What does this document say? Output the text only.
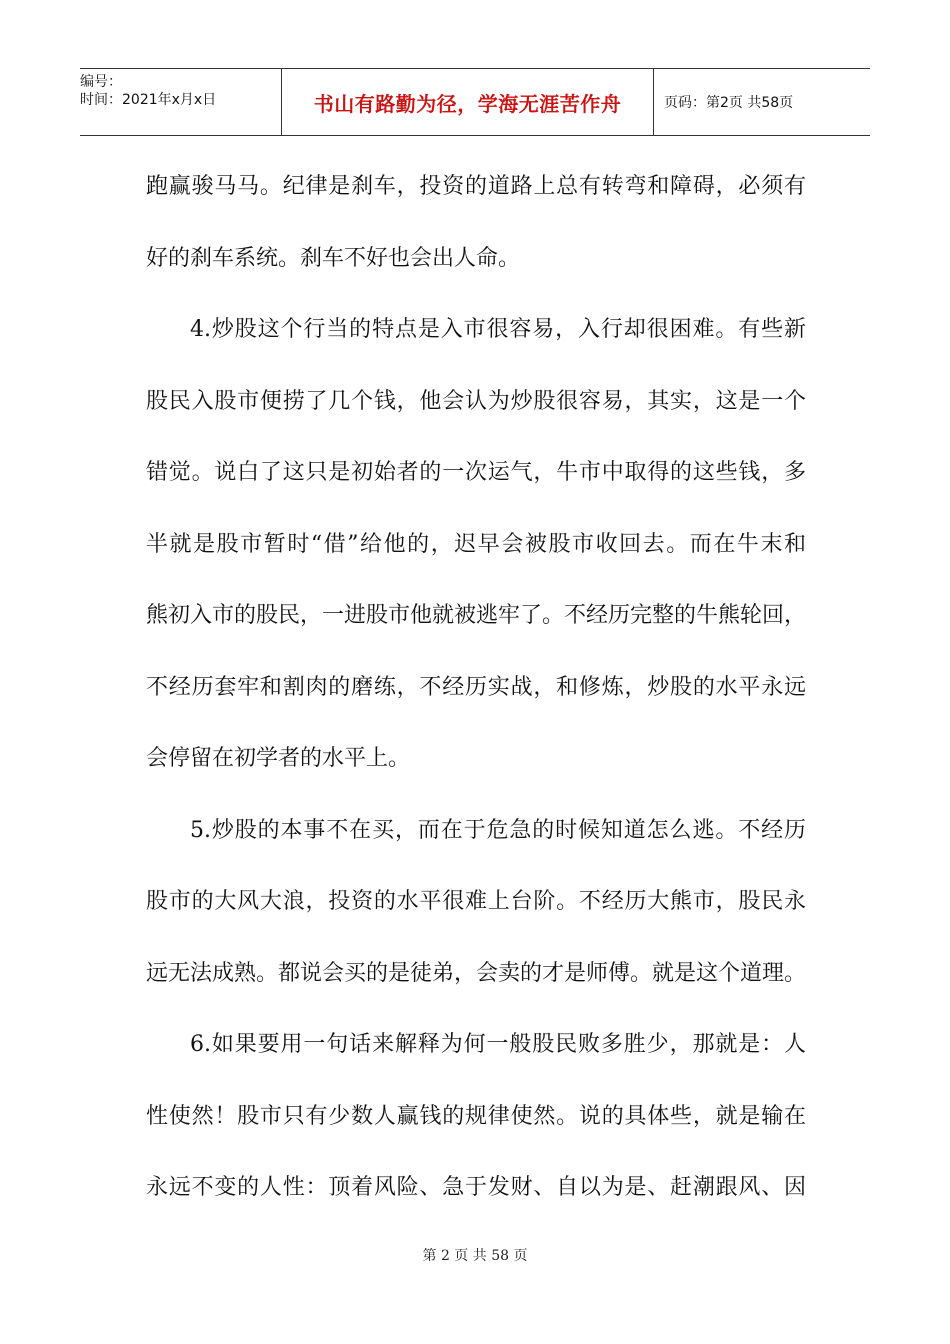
编号：
时间：2021年x月x日	书山有路勤为径，学海无涯苦作舟	页码：第2页 共58页
跑赢骏马马。纪律是刹车，投资的道路上总有转弯和障碍，必须有
好的刹车系统。刹车不好也会出人命。
4.炒股这个行当的特点是入市很容易，入行却很困难。有些新
股民入股市便捞了几个钱，他会认为炒股很容易，其实，这是一个
错觉。说白了这只是初始者的一次运气，牛市中取得的这些钱，多
半就是股市暂时“借”给他的，迟早会被股市收回去。而在牛末和
熊初入市的股民，一进股市他就被逃牢了。不经历完整的牛熊轮回，
不经历套牢和割肉的磨练，不经历实战，和修炼，炒股的水平永远
会停留在初学者的水平上。
5.炒股的本事不在买，而在于危急的时候知道怎么逃。不经历
股市的大风大浪，投资的水平很难上台阶。不经历大熊市，股民永
远无法成熟。都说会买的是徒弟，会卖的才是师傅。就是这个道理。
6.如果要用一句话来解释为何一般股民败多胜少，那就是：人
性使然！股市只有少数人赢钱的规律使然。说的具体些，就是输在
永远不变的人性：顶着风险、急于发财、自以为是、赶潮跟风、因
第 2 页 共 58 页
